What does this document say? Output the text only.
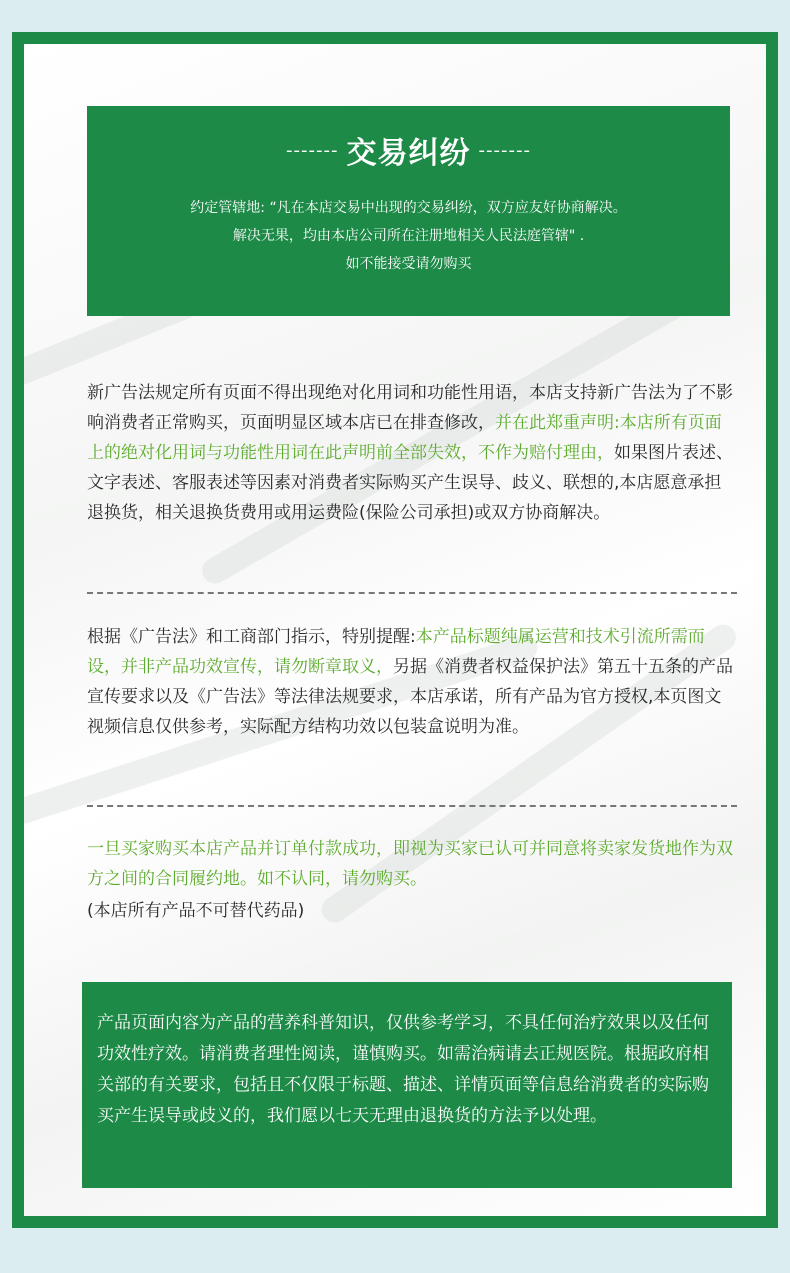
------- 交易纠纷 -------
约定管辖地: “凡在本店交易中出现的交易纠纷，双方应友好协商解决。
解决无果，均由本店公司所在注册地相关人民法庭管辖" .
如不能接受请勿购买
新广告法规定所有页面不得出现绝对化用词和功能性用语，本店支持新广告法为了不影响消费者正常购买，页面明显区域本店已在排查修改，并在此郑重声明:本店所有页面上的绝对化用词与功能性用词在此声明前全部失效，不作为赔付理由，如果图片表述、文字表述、客服表述等因素对消费者实际购买产生误导、歧义、联想的,本店愿意承担退换货，相关退换货费用或用运费险(保险公司承担)或双方协商解决。
根据《广告法》和工商部门指示，特别提醒:本产品标题纯属运营和技术引流所需而设，并非产品功效宣传，请勿断章取义，另据《消费者权益保护法》第五十五条的产品宣传要求以及《广告法》等法律法规要求，本店承诺，所有产品为官方授权,本页图文视频信息仅供参考，实际配方结构功效以包装盒说明为准。
一旦买家购买本店产品并订单付款成功，即视为买家已认可并同意将卖家发货地作为双方之间的合同履约地。如不认同，请勿购买。
(本店所有产品不可替代药品)
产品页面内容为产品的营养科普知识，仅供参考学习，不具任何治疗效果以及任何功效性疗效。请消费者理性阅读，谨慎购买。如需治病请去正规医院。根据政府相关部的有关要求，包括且不仅限于标题、描述、详情页面等信息给消费者的实际购买产生误导或歧义的，我们愿以七天无理由退换货的方法予以处理。
